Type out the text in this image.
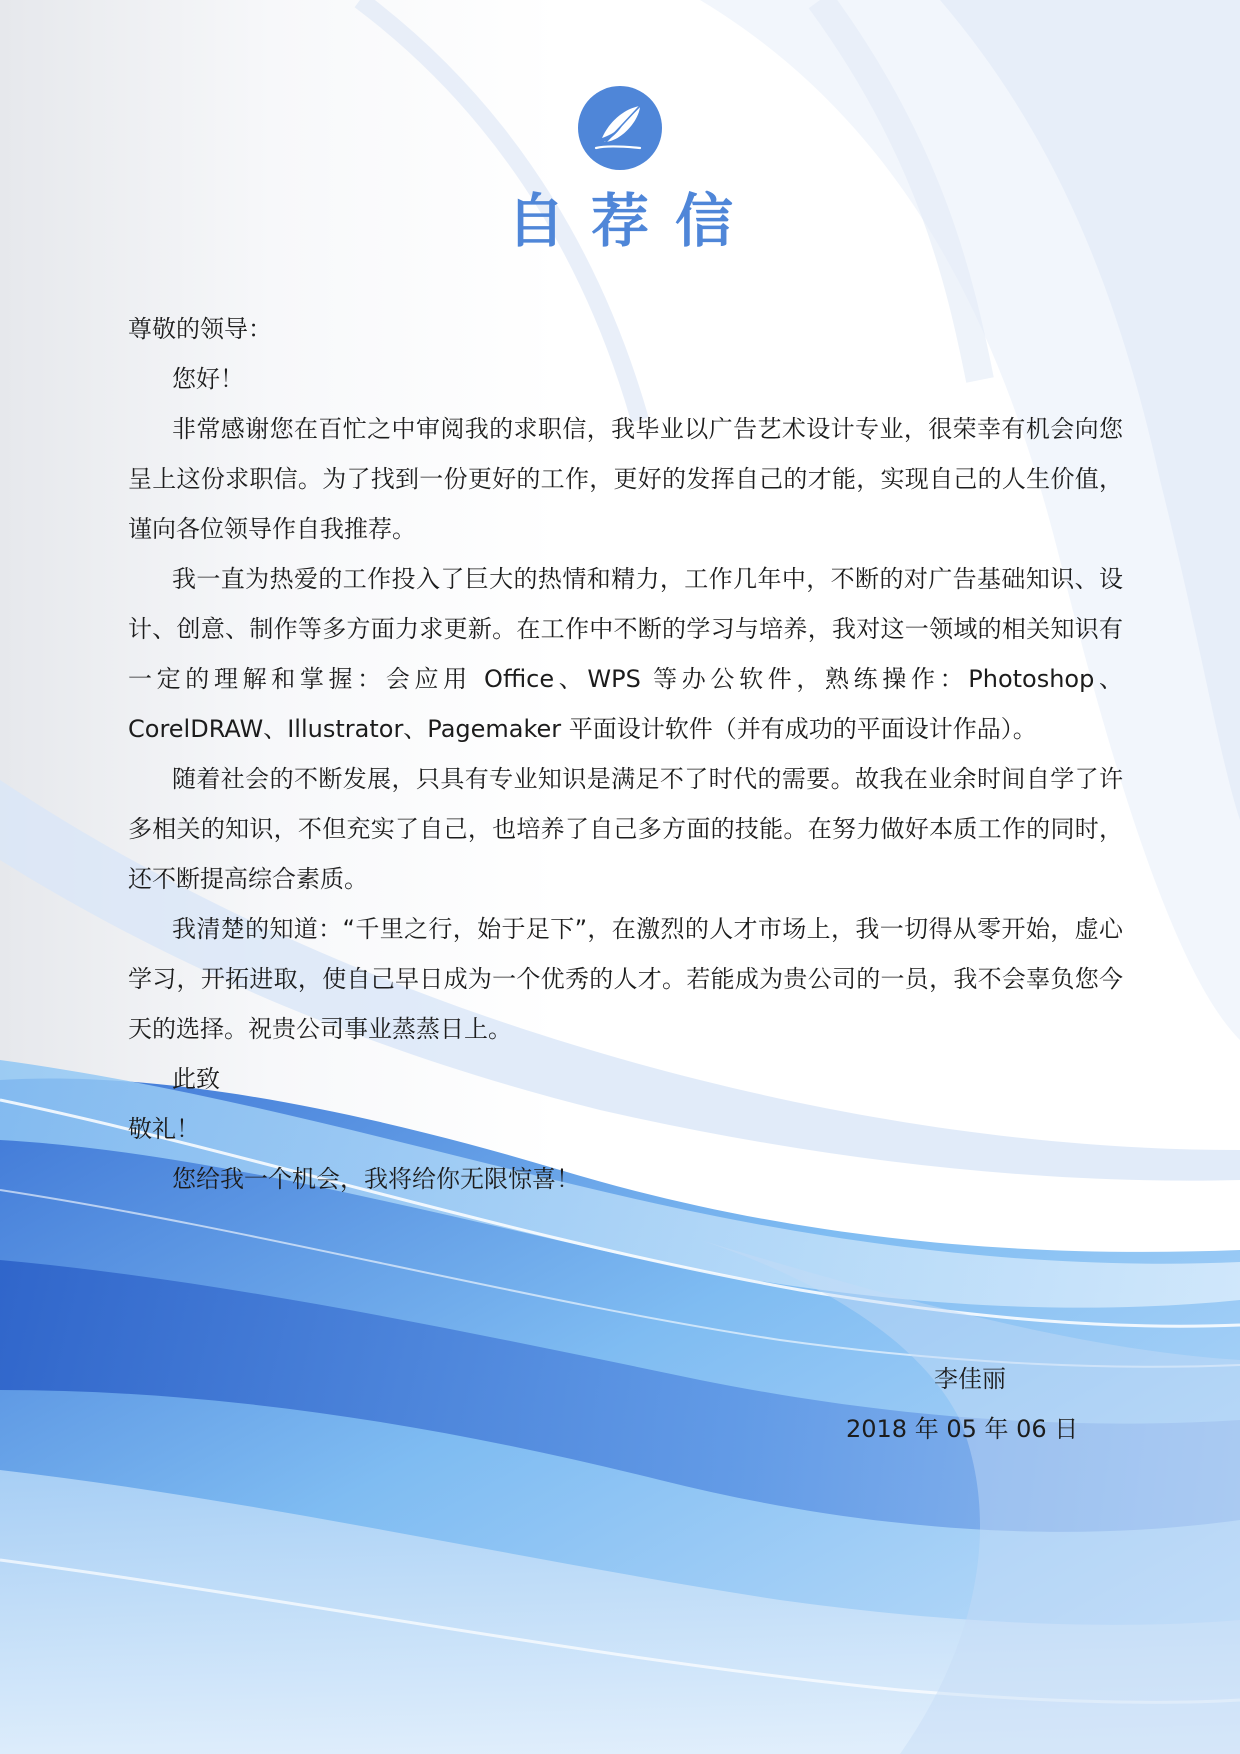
自荐信

尊敬的领导：

您好！

非常感谢您在百忙之中审阅我的求职信，我毕业以广告艺术设计专业，很荣幸有机会向您呈上这份求职信。为了找到一份更好的工作，更好的发挥自己的才能，实现自己的人生价值，谨向各位领导作自我推荐。

我一直为热爱的工作投入了巨大的热情和精力，工作几年中，不断的对广告基础知识、设计、创意、制作等多方面力求更新。在工作中不断的学习与培养，我对这一领域的相关知识有一定的理解和掌握：会应用 Office、WPS 等办公软件，熟练操作：Photoshop、CorelDRAW、Illustrator、Pagemaker 平面设计软件（并有成功的平面设计作品）。

随着社会的不断发展，只具有专业知识是满足不了时代的需要。故我在业余时间自学了许多相关的知识，不但充实了自己，也培养了自己多方面的技能。在努力做好本质工作的同时，还不断提高综合素质。

我清楚的知道：“千里之行，始于足下”，在激烈的人才市场上，我一切得从零开始，虚心学习，开拓进取，使自己早日成为一个优秀的人才。若能成为贵公司的一员，我不会辜负您今天的选择。祝贵公司事业蒸蒸日上。

此致

敬礼！

您给我一个机会，我将给你无限惊喜！

李佳丽
2018 年 05 年 06 日
